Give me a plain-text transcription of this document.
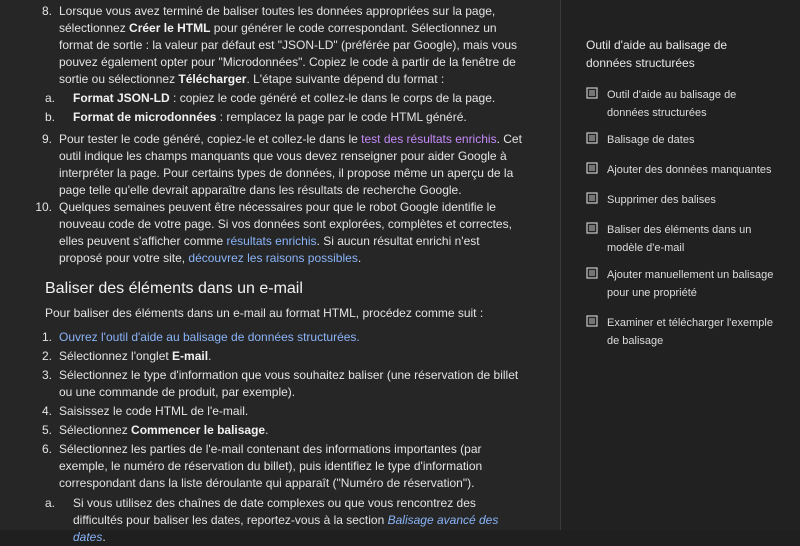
8. Lorsque vous avez terminé de baliser toutes les données appropriées sur la page, sélectionnez Créer le HTML pour générer le code correspondant. Sélectionnez un format de sortie : la valeur par défaut est "JSON-LD" (préférée par Google), mais vous pouvez également opter pour "Microdonnées". Copiez le code à partir de la fenêtre de sortie ou sélectionnez Télécharger. L'étape suivante dépend du format :
a. Format JSON-LD : copiez le code généré et collez-le dans le corps de la page.
b. Format de microdonnées : remplacez la page par le code HTML généré.
9. Pour tester le code généré, copiez-le et collez-le dans le test des résultats enrichis. Cet outil indique les champs manquants que vous devez renseigner pour aider Google à interpréter la page. Pour certains types de données, il propose même un aperçu de la page telle qu'elle devrait apparaître dans les résultats de recherche Google.
10. Quelques semaines peuvent être nécessaires pour que le robot Google identifie le nouveau code de votre page. Si vos données sont explorées, complètes et correctes, elles peuvent s'afficher comme résultats enrichis. Si aucun résultat enrichi n'est proposé pour votre site, découvrez les raisons possibles.
Baliser des éléments dans un e-mail
Pour baliser des éléments dans un e-mail au format HTML, procédez comme suit :
1. Ouvrez l'outil d'aide au balisage de données structurées.
2. Sélectionnez l'onglet E-mail.
3. Sélectionnez le type d'information que vous souhaitez baliser (une réservation de billet ou une commande de produit, par exemple).
4. Saisissez le code HTML de l'e-mail.
5. Sélectionnez Commencer le balisage.
6. Sélectionnez les parties de l'e-mail contenant des informations importantes (par exemple, le numéro de réservation du billet), puis identifiez le type d'information correspondant dans la liste déroulante qui apparaît ("Numéro de réservation").
a. Si vous utilisez des chaînes de date complexes ou que vous rencontrez des difficultés pour baliser les dates, reportez-vous à la section Balisage avancé des dates.
Outil d'aide au balisage de données structurées
Outil d'aide au balisage de données structurées
Balisage de dates
Ajouter des données manquantes
Supprimer des balises
Baliser des éléments dans un modèle d'e-mail
Ajouter manuellement un balisage pour une propriété
Examiner et télécharger l'exemple de balisage
